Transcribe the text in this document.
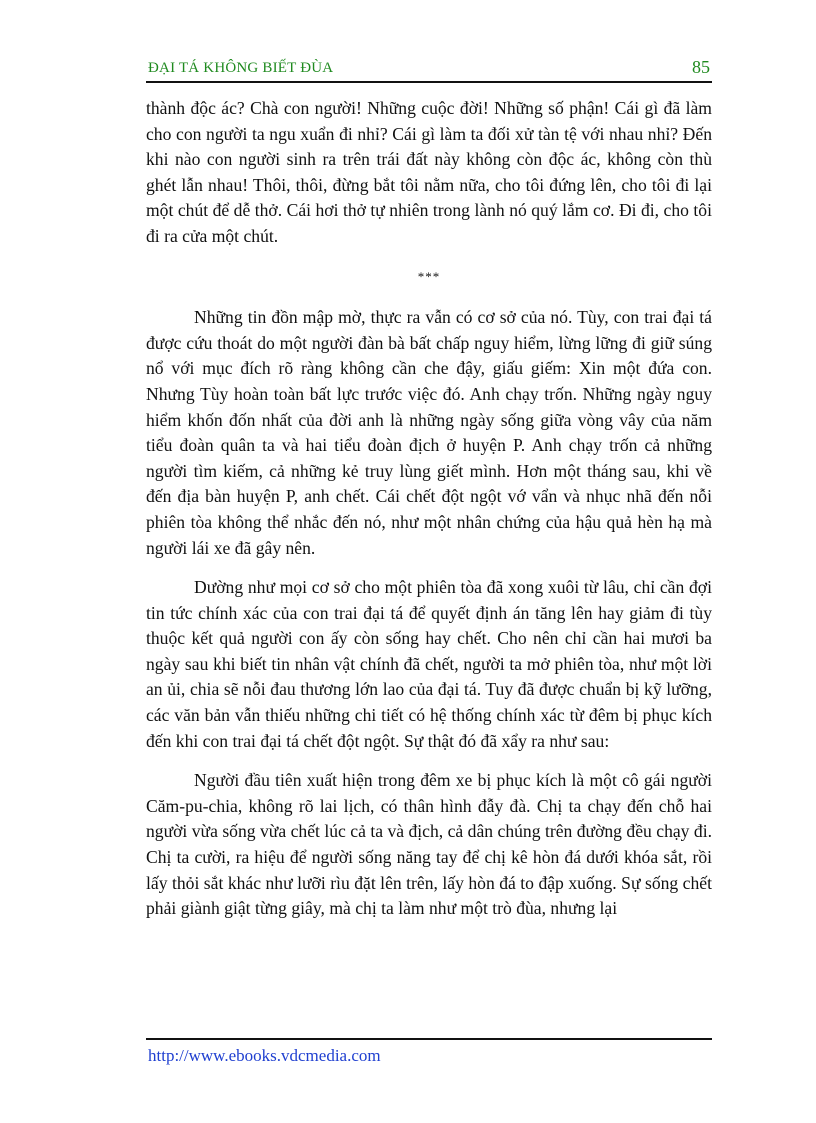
ĐẠI TÁ KHÔNG BIẾT ĐÙA	85

thành độc ác? Chà con người! Những cuộc đời! Những số phận! Cái gì đã làm cho con người ta ngu xuẩn đi nhỉ? Cái gì làm ta đối xử tàn tệ với nhau nhỉ? Đến khi nào con người sinh ra trên trái đất này không còn độc ác, không còn thù ghét lẫn nhau! Thôi, thôi, đừng bắt tôi nằm nữa, cho tôi đứng lên, cho tôi đi lại một chút để dễ thở. Cái hơi thở tự nhiên trong lành nó quý lắm cơ. Đi đi, cho tôi đi ra cửa một chút.

***

Những tin đồn mập mờ, thực ra vẫn có cơ sở của nó. Tùy, con trai đại tá được cứu thoát do một người đàn bà bất chấp nguy hiểm, lừng lững đi giữ súng nổ với mục đích rõ ràng không cần che đậy, giấu giếm: Xin một đứa con. Nhưng Tùy hoàn toàn bất lực trước việc đó. Anh chạy trốn. Những ngày nguy hiểm khốn đốn nhất của đời anh là những ngày sống giữa vòng vây của năm tiểu đoàn quân ta và hai tiểu đoàn địch ở huyện P. Anh chạy trốn cả những người tìm kiếm, cả những kẻ truy lùng giết mình. Hơn một tháng sau, khi về đến địa bàn huyện P, anh chết. Cái chết đột ngột vớ vẩn và nhục nhã đến nỗi phiên tòa không thể nhắc đến nó, như một nhân chứng của hậu quả hèn hạ mà người lái xe đã gây nên.

Dường như mọi cơ sở cho một phiên tòa đã xong xuôi từ lâu, chỉ cần đợi tin tức chính xác của con trai đại tá để quyết định án tăng lên hay giảm đi tùy thuộc kết quả người con ấy còn sống hay chết. Cho nên chỉ cần hai mươi ba ngày sau khi biết tin nhân vật chính đã chết, người ta mở phiên tòa, như một lời an ủi, chia sẽ nỗi đau thương lớn lao của đại tá. Tuy đã được chuẩn bị kỹ lưỡng, các văn bản vẫn thiếu những chi tiết có hệ thống chính xác từ đêm bị phục kích đến khi con trai đại tá chết đột ngột. Sự thật đó đã xẩy ra như sau:

Người đầu tiên xuất hiện trong đêm xe bị phục kích là một cô gái người Căm-pu-chia, không rõ lai lịch, có thân hình đẫy đà. Chị ta chạy đến chỗ hai người vừa sống vừa chết lúc cả ta và địch, cả dân chúng trên đường đều chạy đi. Chị ta cười, ra hiệu để người sống năng tay để chị kê hòn đá dưới khóa sắt, rồi lấy thỏi sắt khác như lưỡi rìu đặt lên trên, lấy hòn đá to đập xuống. Sự sống chết phải giành giật từng giây, mà chị ta làm như một trò đùa, nhưng lại

http://www.ebooks.vdcmedia.com
